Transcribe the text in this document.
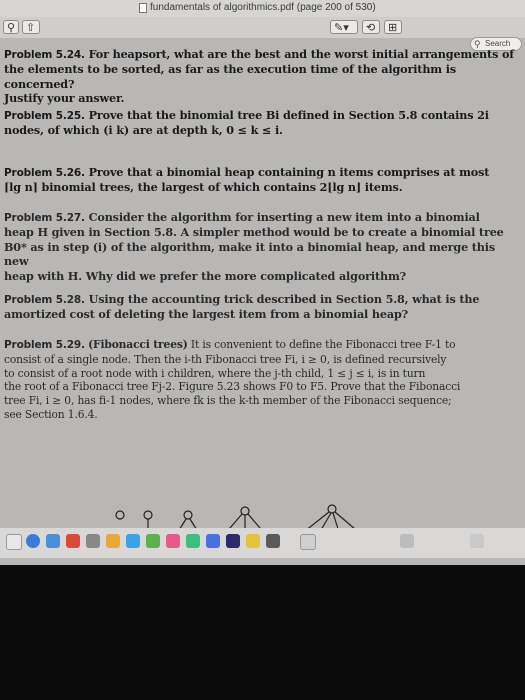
fundamentals of algorithmics.pdf (page 200 of 530)
⚲ ⇧	✎▾ ⟲ ⊞
⚲ Search

Problem 5.24. For heapsort, what are the best and the worst initial arrangements of

the elements to be sorted, as far as the execution time of the algorithm is concerned?

Justify your answer.

Problem 5.25. Prove that the binomial tree Bi defined in Section 5.8 contains 2i

nodes, of which (i k) are at depth k, 0 ≤ k ≤ i.

Problem 5.26. Prove that a binomial heap containing n items comprises at most

⌈lg n⌉ binomial trees, the largest of which contains 2⌊lg n⌋ items.

Problem 5.27. Consider the algorithm for inserting a new item into a binomial

heap H given in Section 5.8. A simpler method would be to create a binomial tree

B0* as in step (i) of the algorithm, make it into a binomial heap, and merge this new

heap with H. Why did we prefer the more complicated algorithm?

Problem 5.28. Using the accounting trick described in Section 5.8, what is the

amortized cost of deleting the largest item from a binomial heap?

Problem 5.29. (Fibonacci trees) It is convenient to define the Fibonacci tree F-1 to

consist of a single node. Then the i-th Fibonacci tree Fi, i ≥ 0, is defined recursively

to consist of a root node with i children, where the j-th child, 1 ≤ j ≤ i, is in turn

the root of a Fibonacci tree Fj-2. Figure 5.23 shows F0 to F5. Prove that the Fibonacci

tree Fi, i ≥ 0, has fi-1 nodes, where fk is the k-th member of the Fibonacci sequence;

see Section 1.6.4.
